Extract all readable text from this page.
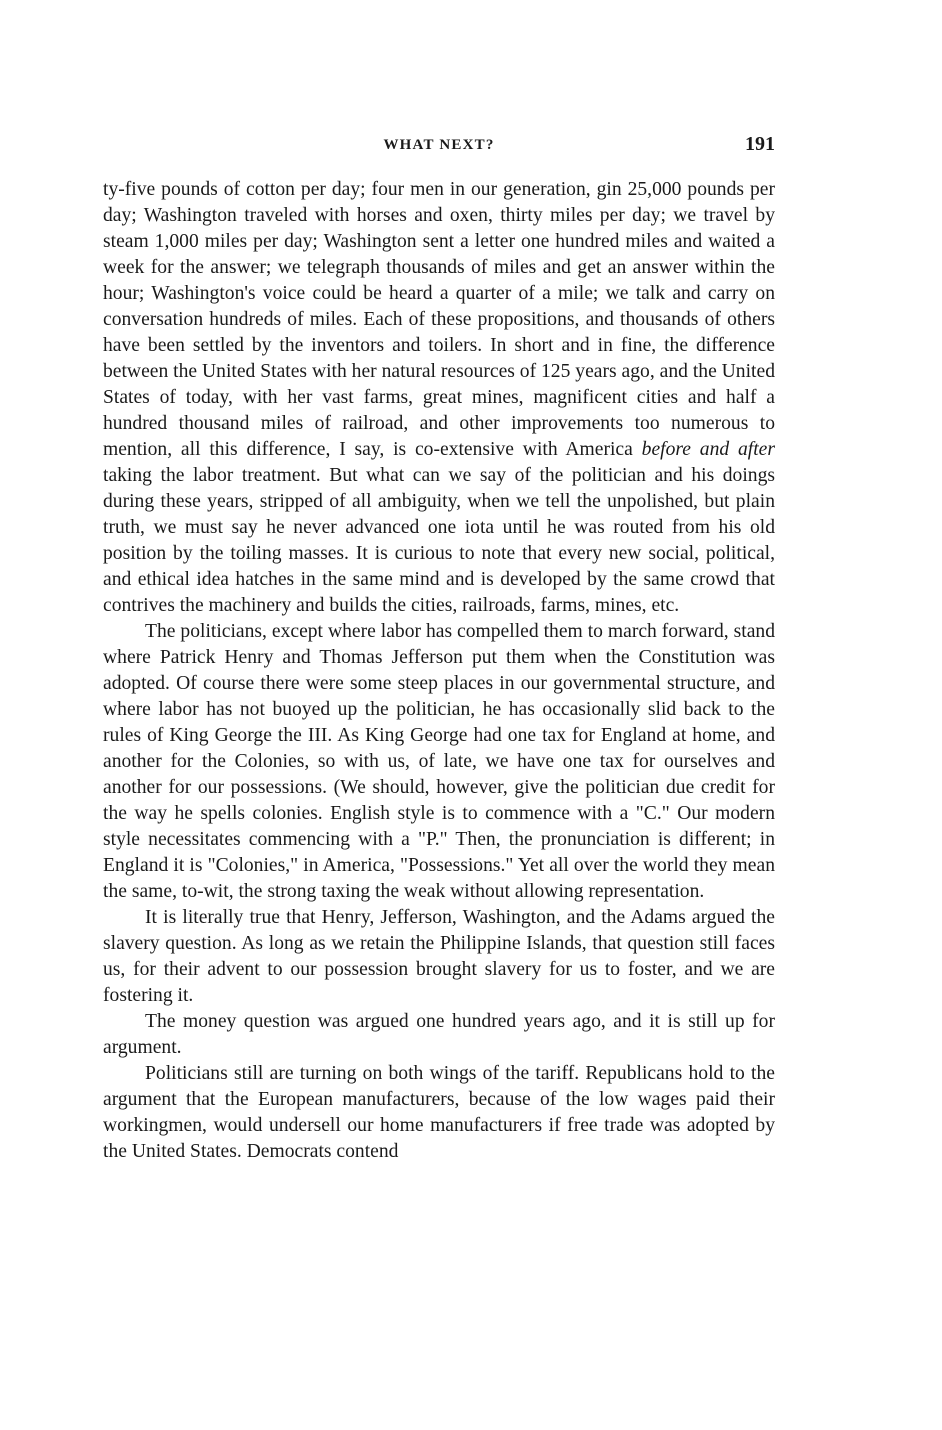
WHAT NEXT?	191

ty-five pounds of cotton per day; four men in our generation, gin 25,000 pounds per day; Washington traveled with horses and oxen, thirty miles per day; we travel by steam 1,000 miles per day; Washington sent a letter one hundred miles and waited a week for the answer; we telegraph thousands of miles and get an answer within the hour; Washington's voice could be heard a quarter of a mile; we talk and carry on conversation hundreds of miles. Each of these propositions, and thousands of others have been settled by the inventors and toilers. In short and in fine, the difference between the United States with her natural resources of 125 years ago, and the United States of today, with her vast farms, great mines, magnificent cities and half a hundred thousand miles of railroad, and other improvements too numerous to mention, all this difference, I say, is co-extensive with America before and after taking the labor treatment. But what can we say of the politician and his doings during these years, stripped of all ambiguity, when we tell the unpolished, but plain truth, we must say he never advanced one iota until he was routed from his old position by the toiling masses. It is curious to note that every new social, political, and ethical idea hatches in the same mind and is developed by the same crowd that contrives the machinery and builds the cities, railroads, farms, mines, etc.

The politicians, except where labor has compelled them to march forward, stand where Patrick Henry and Thomas Jefferson put them when the Constitution was adopted. Of course there were some steep places in our governmental structure, and where labor has not buoyed up the politician, he has occasionally slid back to the rules of King George the III. As King George had one tax for England at home, and another for the Colonies, so with us, of late, we have one tax for ourselves and another for our possessions. (We should, however, give the politician due credit for the way he spells colonies. English style is to commence with a "C." Our modern style necessitates commencing with a "P." Then, the pronunciation is different; in England it is "Colonies," in America, "Possessions." Yet all over the world they mean the same, to-wit, the strong taxing the weak without allowing representation.

It is literally true that Henry, Jefferson, Washington, and the Adams argued the slavery question. As long as we retain the Philippine Islands, that question still faces us, for their advent to our possession brought slavery for us to foster, and we are fostering it.

The money question was argued one hundred years ago, and it is still up for argument.

Politicians still are turning on both wings of the tariff. Republicans hold to the argument that the European manufacturers, because of the low wages paid their workingmen, would undersell our home manufacturers if free trade was adopted by the United States. Democrats contend
